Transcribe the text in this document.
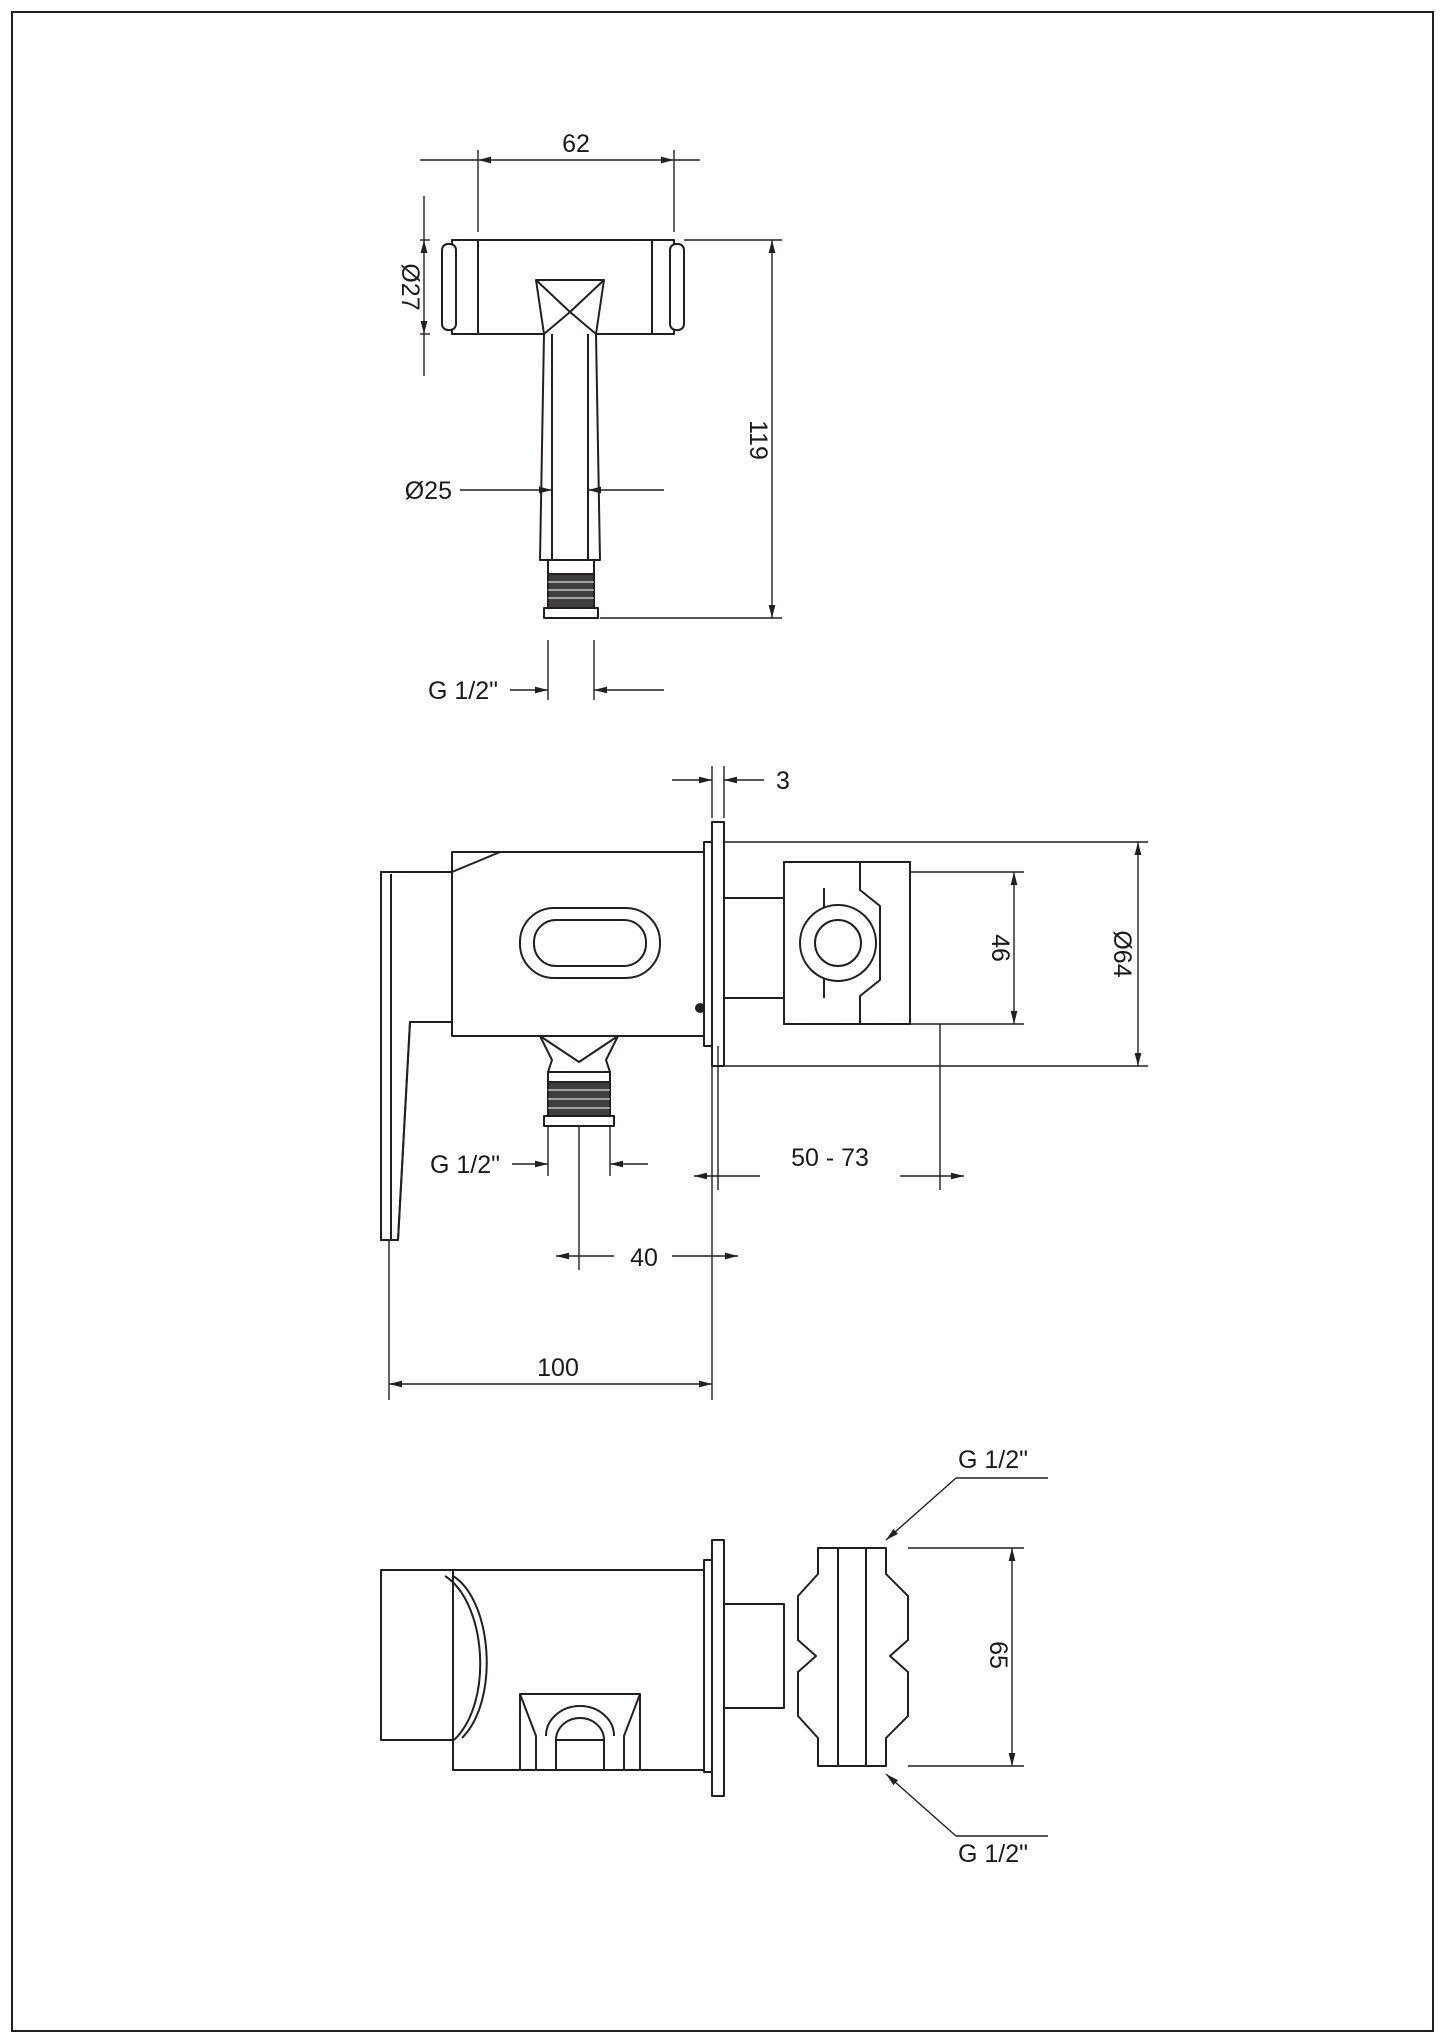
62
Ø27
Ø25
119
G 1/2"
3
46	Ø64
G 1/2"	50 - 73
40
100
G 1/2"
G 1/2"
65
